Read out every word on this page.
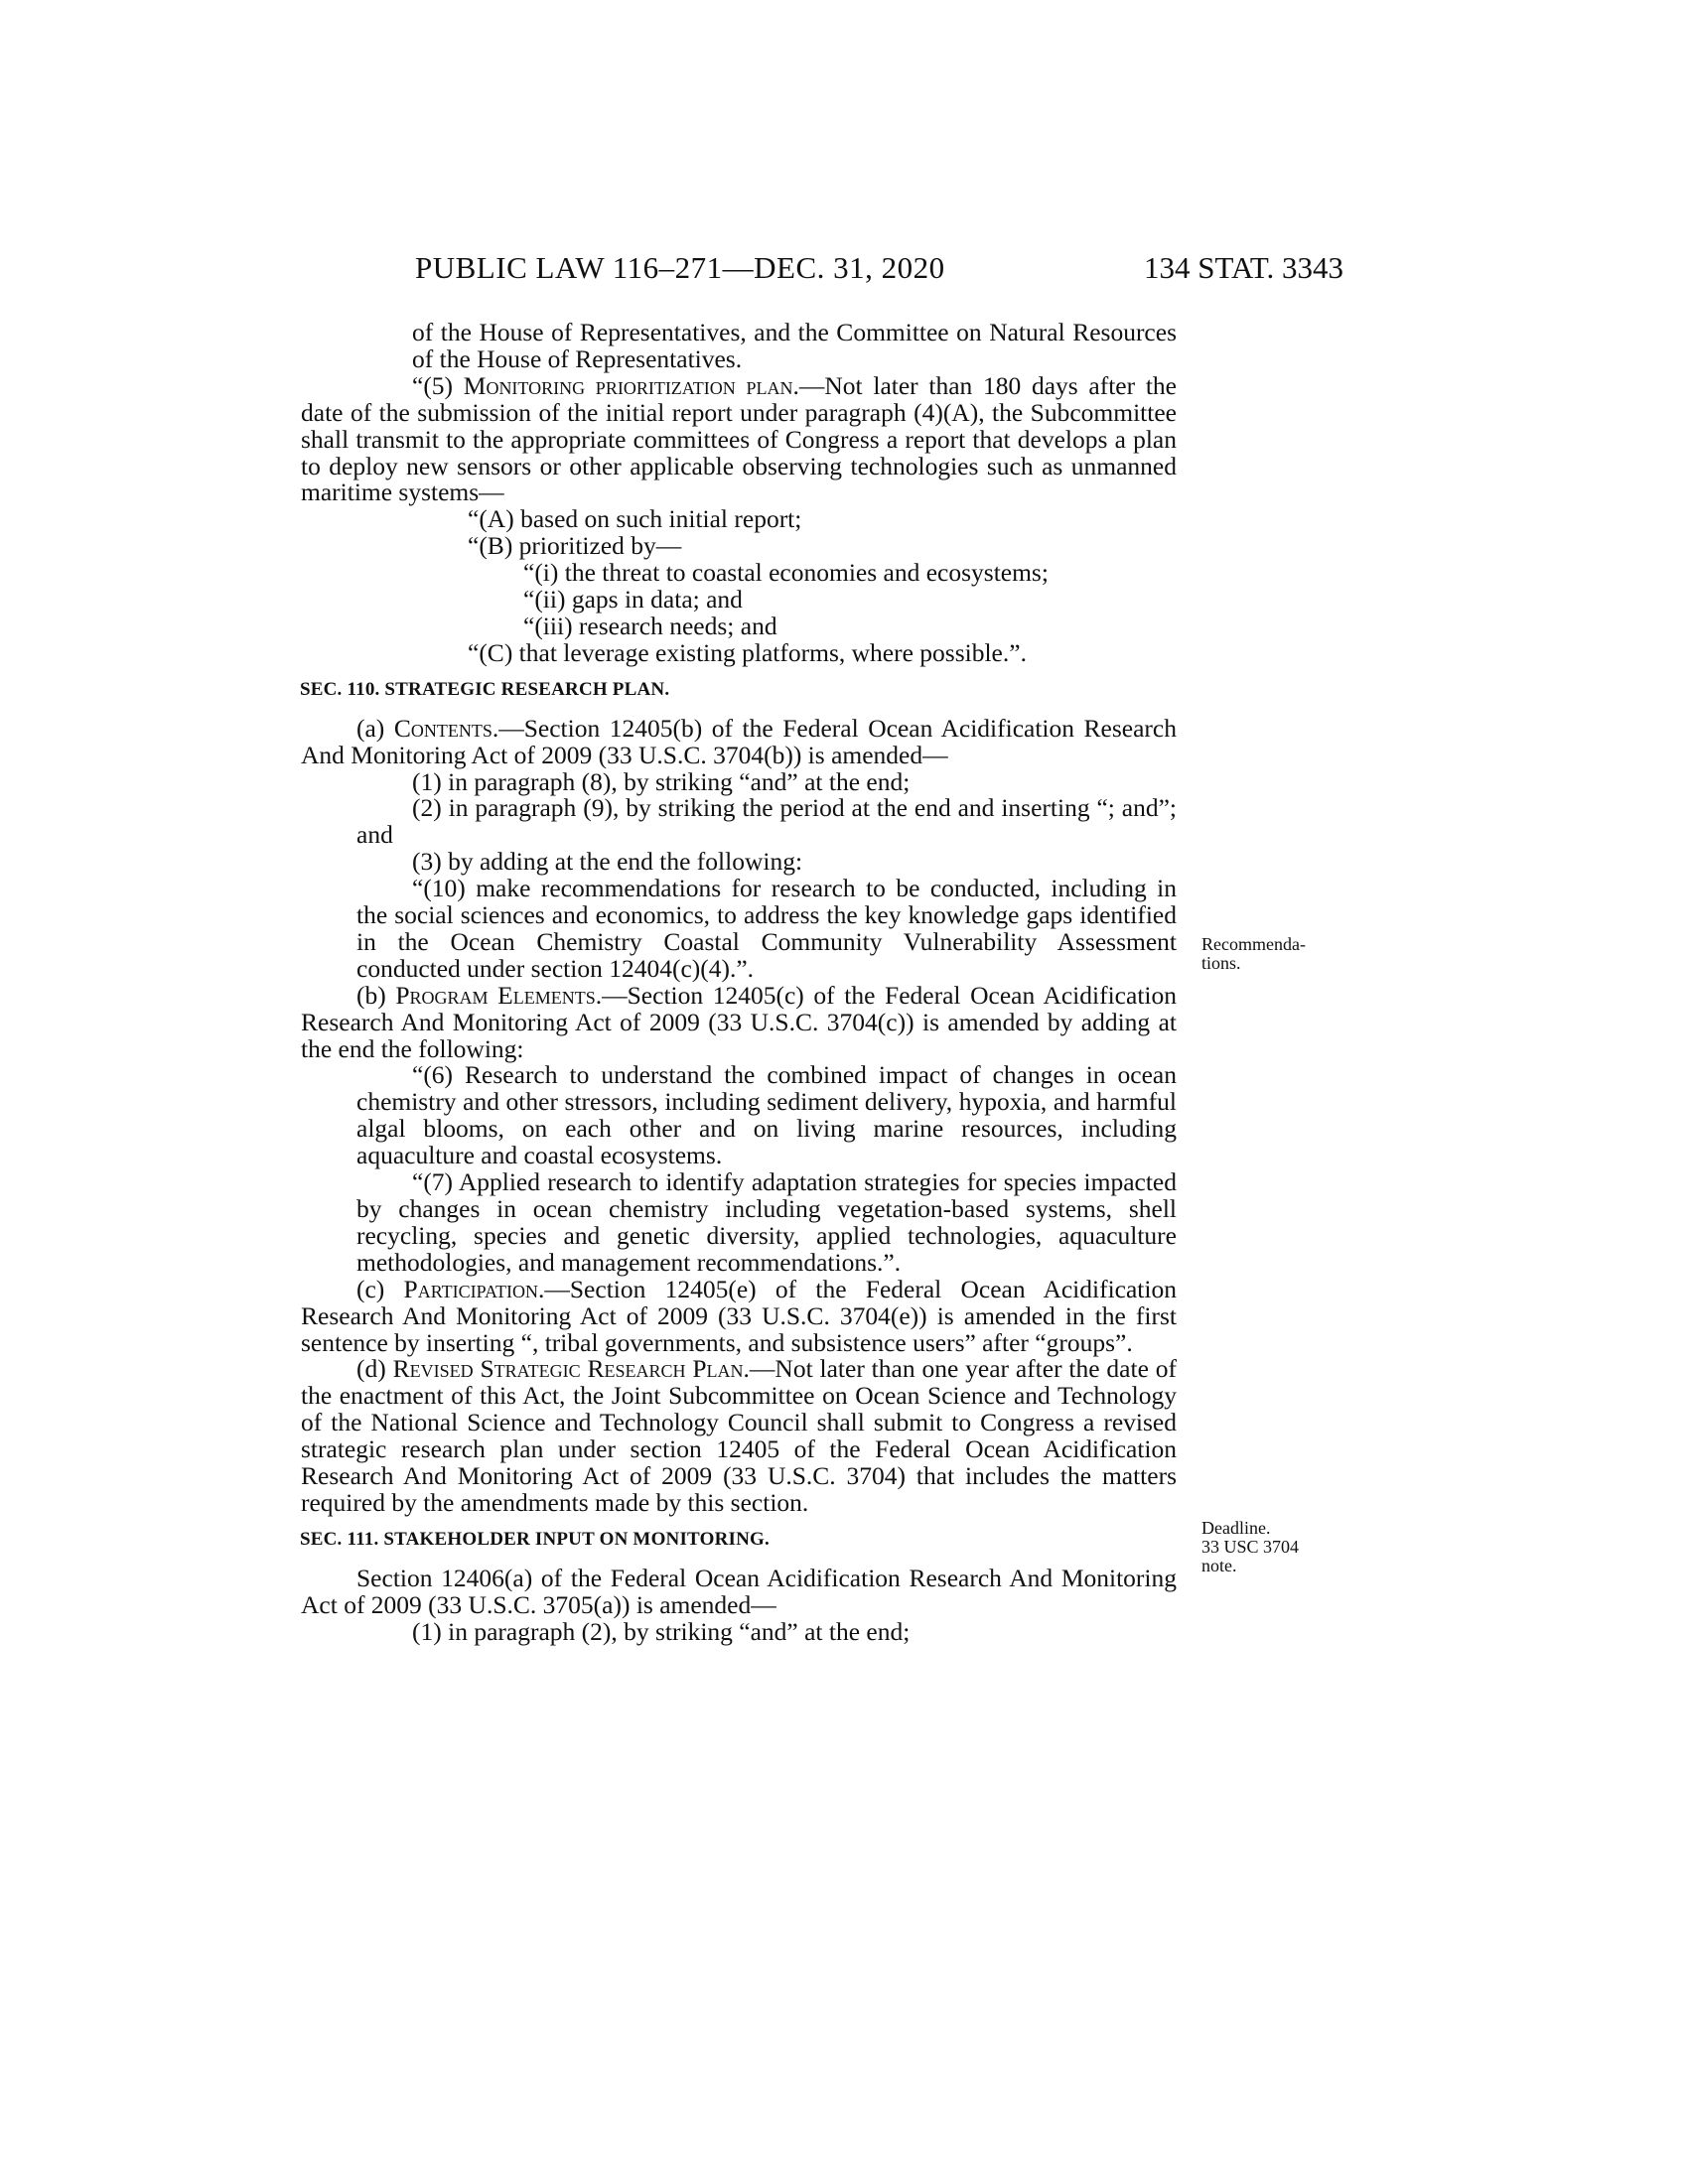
PUBLIC LAW 116–271—DEC. 31, 2020	134 STAT. 3343

of the House of Representatives, and the Committee on Natural Resources of the House of Representatives.

“(5) Monitoring prioritization plan.—Not later than 180 days after the date of the submission of the initial report under paragraph (4)(A), the Subcommittee shall transmit to the appropriate committees of Congress a report that develops a plan to deploy new sensors or other applicable observing technologies such as unmanned maritime systems—

“(A) based on such initial report;

“(B) prioritized by—

“(i) the threat to coastal economies and ecosystems;

“(ii) gaps in data; and

“(iii) research needs; and

“(C) that leverage existing platforms, where possible.”.

SEC. 110. STRATEGIC RESEARCH PLAN.

(a) Contents.—Section 12405(b) of the Federal Ocean Acidification Research And Monitoring Act of 2009 (33 U.S.C. 3704(b)) is amended—

(1) in paragraph (8), by striking “and” at the end;

(2) in paragraph (9), by striking the period at the end and inserting “; and”; and

(3) by adding at the end the following:

“(10) make recommendations for research to be conducted, including in the social sciences and economics, to address the key knowledge gaps identified in the Ocean Chemistry Coastal Community Vulnerability Assessment conducted under section 12404(c)(4).”.

(b) Program Elements.—Section 12405(c) of the Federal Ocean Acidification Research And Monitoring Act of 2009 (33 U.S.C. 3704(c)) is amended by adding at the end the following:

“(6) Research to understand the combined impact of changes in ocean chemistry and other stressors, including sediment delivery, hypoxia, and harmful algal blooms, on each other and on living marine resources, including aquaculture and coastal ecosystems.

“(7) Applied research to identify adaptation strategies for species impacted by changes in ocean chemistry including vegetation-based systems, shell recycling, species and genetic diversity, applied technologies, aquaculture methodologies, and management recommendations.”.

(c) Participation.—Section 12405(e) of the Federal Ocean Acidification Research And Monitoring Act of 2009 (33 U.S.C. 3704(e)) is amended in the first sentence by inserting “, tribal governments, and subsistence users” after “groups”.

(d) Revised Strategic Research Plan.—Not later than one year after the date of the enactment of this Act, the Joint Subcommittee on Ocean Science and Technology of the National Science and Technology Council shall submit to Congress a revised strategic research plan under section 12405 of the Federal Ocean Acidification Research And Monitoring Act of 2009 (33 U.S.C. 3704) that includes the matters required by the amendments made by this section.

SEC. 111. STAKEHOLDER INPUT ON MONITORING.

Section 12406(a) of the Federal Ocean Acidification Research And Monitoring Act of 2009 (33 U.S.C. 3705(a)) is amended—

(1) in paragraph (2), by striking “and” at the end;

Recommenda-
tions.
Deadline.
33 USC 3704
note.
